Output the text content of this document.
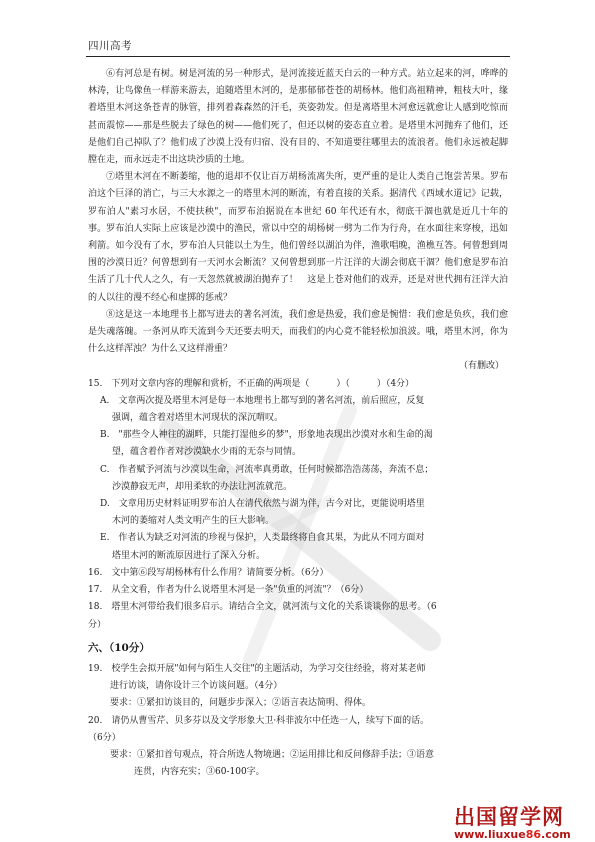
四川高考

⑥有河总是有树。树是河流的另一种形式，是河流接近蓝天白云的一种方式。站立起来的河，哗哗的林涛，让鸟像鱼一样游来游去，追随塔里木河的，是那郁郁苍苍的胡杨林。他们高祖精神，粗枝大叶，缘着塔里木河这条苍青的脉管，排列着森森然的汗毛，英姿勃发。但是离塔里木河愈远就愈让人感到吃惊而甚而震惊——那是些脱去了绿色的树——他们死了，但还以树的姿态直立着。是塔里木河抛弃了他们，还是他们自己掉队了？他们成了沙漠上没有归宿、没有目的、不知道要往哪里去的流浪者。他们永远被起脚膛在走，而永远走不出这块沙质的土地。

⑦塔里木河在不断萎缩，他的退却不仅让百万胡杨流离失所，更严重的是让人类自己饱尝苦果。罗布泊这个巨泽的消亡，与三大水源之一的塔里木河的断流，有着直接的关系。据清代《西域水道记》记载，罗布泊人"素习水居，不使扶秧"，而罗布泊据说在本世纪 60 年代还有水，彻底干涸也就是近几十年的事。罗布泊人实际上应该是沙漠中的渔民，常以中空的胡杨树一劈为二作为行舟，在水面往来穿梭，迅如利箭。如今没有了水，罗布泊人只能以土为生，他们曾经以湖泊为伴，渔歌唱晚，渔樵互答。何曾想到周围的沙漠日近？何曾想到有一天河水会断流？又何曾想到那一片汪洋的大湖会彻底干涸？他们愈是罗布泊生活了几十代人之久，有一天忽然就被湖泊抛弃了！　这是上苍对他们的戏弄，还是对世代拥有汪洋大泊的人以往的漫不经心和虚掷的惩戒？

⑧这是这一本地理书上都写进去的著名河流，我们愈是热爱，我们愈是惋惜：我们愈是负疚，我们愈是失魂落魄。一条河从昨天流到今天还要去明天，而我们的内心竟不能轻松加浪波。哦，塔里木河，你为什么这样浑浊？为什么又这样滑重？

（有删改）

15.　下列对文章内容的理解和赏析，不正确的两项是（　　　）（　　　）（4分）

A.　文章两次提及塔里木河是每一本地理书上都写到的著名河流，前后照应，反复
强调，蕴含着对塔里木河现状的深沉喟叹。
B.　"那些令人神往的湖畔，只能打湿他乡的梦"，形象地表现出沙漠对水和生命的渴
望，蕴含着作者对沙漠缺水少雨的无奈与同情。
C.　作者赋予河流与沙漠以生命，河流率真勇敢，任何时候都浩浩荡荡，奔流不息；
沙漠静寂无声，却用柔软的办法让河流就范。
D.　文章用历史材料证明罗布泊人在清代依然与湖为伴，古今对比，更能说明塔里
木河的萎缩对人类文明产生的巨大影响。
E.　作者认为缺乏对河流的珍视与保护，人类最终将自食其果，为此从不同方面对
塔里木河的断流原因进行了深入分析。

16.　文中第⑥段写胡杨林有什么作用？请简要分析。（6分）

17.　从全文看，作者为什么说塔里木河是一条"负重的河流"？（6分）

18.　塔里木河带给我们很多启示。请结合全文，就河流与文化的关系谈谈你的思考。（6

分）

六、（10分）

19.　校学生会拟开展"如何与陌生人交往"的主题活动，为学习交往经验，将对某老师

进行访谈，请你设计三个访谈问题。（4分）

要求：①紧扣访谈目的，问题步步深入；②语言表达简明、得体。

20.　请仍从曹雪芹、贝多芬以及文学形象大卫·科菲波尔中任选一人，续写下面的话。

（6分）

要求：①紧扣首句观点，符合所选人物境遇；②运用排比和反问修辞手法；③语意

连贯，内容充实；③60-100字。

出国留学网
www.liuxue86.com
